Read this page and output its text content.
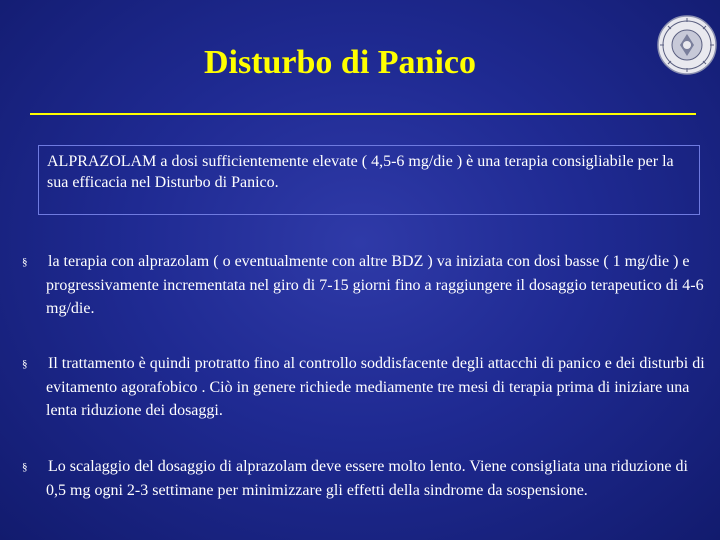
Disturbo di Panico
ALPRAZOLAM a dosi sufficientemente elevate ( 4,5-6 mg/die ) è una terapia consigliabile per la sua efficacia nel Disturbo di Panico.
§ la terapia con alprazolam ( o eventualmente con altre BDZ ) va iniziata con dosi basse ( 1 mg/die ) e progressivamente incrementata nel giro di 7-15 giorni fino a raggiungere il dosaggio terapeutico di 4-6 mg/die.
§ Il trattamento è quindi protratto fino al controllo soddisfacente degli attacchi di panico e dei disturbi di evitamento agorafobico . Ciò in genere richiede mediamente tre mesi di terapia prima di iniziare una lenta riduzione dei dosaggi.
§ Lo scalaggio del dosaggio di alprazolam deve essere molto lento. Viene consigliata una riduzione di 0,5 mg ogni 2-3 settimane per minimizzare gli effetti della sindrome da sospensione.
